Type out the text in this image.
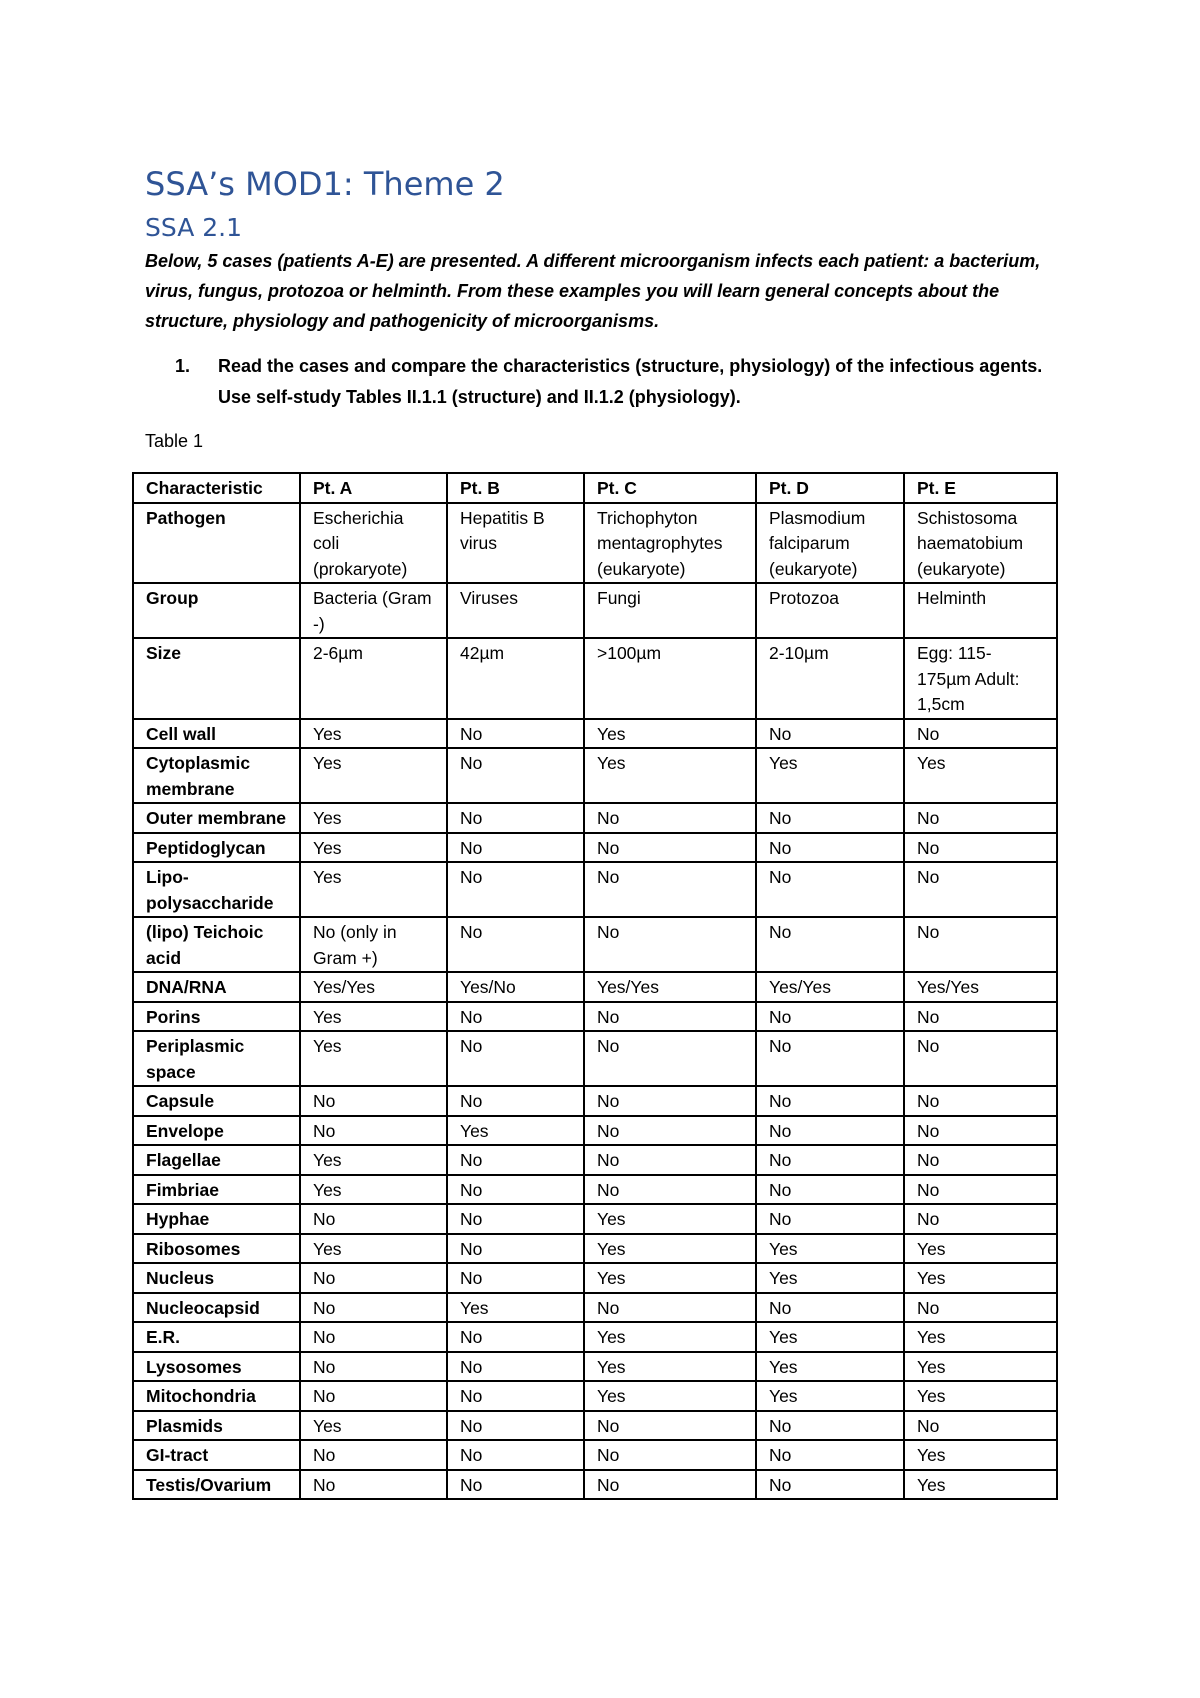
SSA’s MOD1: Theme 2
SSA 2.1

Below, 5 cases (patients A-E) are presented. A different microorganism infects each patient: a bacterium, virus, fungus, protozoa or helminth. From these examples you will learn general concepts about the structure, physiology and pathogenicity of microorganisms.

1.	Read the cases and compare the characteristics (structure, physiology) of the infectious agents. Use self-study Tables II.1.1 (structure) and II.1.2 (physiology).

Table 1

Characteristic	Pt. A	Pt. B	Pt. C	Pt. D	Pt. E
Pathogen	Escherichia coli (prokaryote)	Hepatitis B virus	Trichophyton mentagrophytes (eukaryote)	Plasmodium falciparum (eukaryote)	Schistosoma haematobium (eukaryote)
Group	Bacteria (Gram -)	Viruses	Fungi	Protozoa	Helminth
Size	2-6µm	42µm	>100µm	2-10µm	Egg: 115-175µm Adult: 1,5cm
Cell wall	Yes	No	Yes	No	No
Cytoplasmic membrane	Yes	No	Yes	Yes	Yes
Outer membrane	Yes	No	No	No	No
Peptidoglycan	Yes	No	No	No	No
Lipo-polysaccharide	Yes	No	No	No	No
(lipo) Teichoic acid	No (only in Gram +)	No	No	No	No
DNA/RNA	Yes/Yes	Yes/No	Yes/Yes	Yes/Yes	Yes/Yes
Porins	Yes	No	No	No	No
Periplasmic space	Yes	No	No	No	No
Capsule	No	No	No	No	No
Envelope	No	Yes	No	No	No
Flagellae	Yes	No	No	No	No
Fimbriae	Yes	No	No	No	No
Hyphae	No	No	Yes	No	No
Ribosomes	Yes	No	Yes	Yes	Yes
Nucleus	No	No	Yes	Yes	Yes
Nucleocapsid	No	Yes	No	No	No
E.R.	No	No	Yes	Yes	Yes
Lysosomes	No	No	Yes	Yes	Yes
Mitochondria	No	No	Yes	Yes	Yes
Plasmids	Yes	No	No	No	No
GI-tract	No	No	No	No	Yes
Testis/Ovarium	No	No	No	No	Yes
